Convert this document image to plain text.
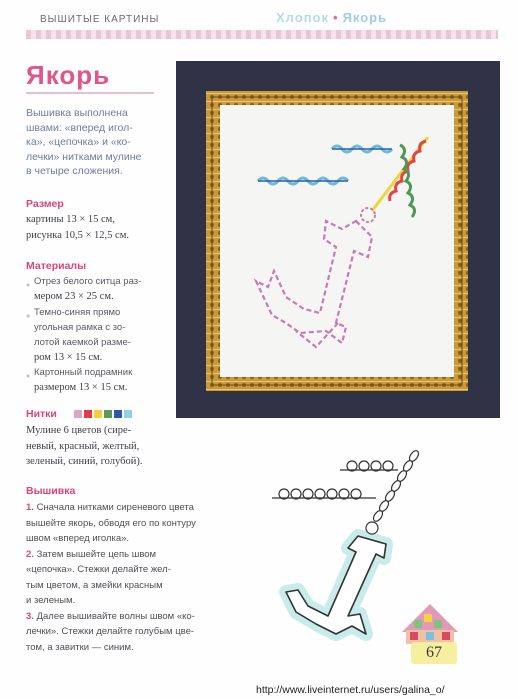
ВЫШИТЫЕ КАРТИНЫ	Хлопок • Якорь
Якорь
Вышивка выполнена
швами: «вперед игол-
ка», «цепочка» и «ко-
лечки» нитками мулине
в четыре сложения.
Размер
картины 13 × 15 см,
рисунка 10,5 × 12,5 см.
Материалы
● Отрез белого ситца раз-
мером 23 × 25 см.
● Темно-синяя прямо
угольная рамка с зо-
лотой каемкой разме-
ром 13 × 15 см.
● Картонный подрамник
размером 13 × 15 см.
Нитки
Мулине 6 цветов (сире-
невый, красный, желтый,
зеленый, синий, голубой).
Вышивка
1. Сначала нитками сиреневого цвета
вышейте якорь, обводя его по контуру
швом «вперед иголка».
2. Затем вышейте цепь швом
«цепочка». Стежки делайте жел-
тым цветом, а змейки красным
и зеленым.
3. Далее вышивайте волны швом «ко-
лечки». Стежки делайте голубым цве-
том, а завитки — синим.	67
http://www.liveinternet.ru/users/galina_o/
